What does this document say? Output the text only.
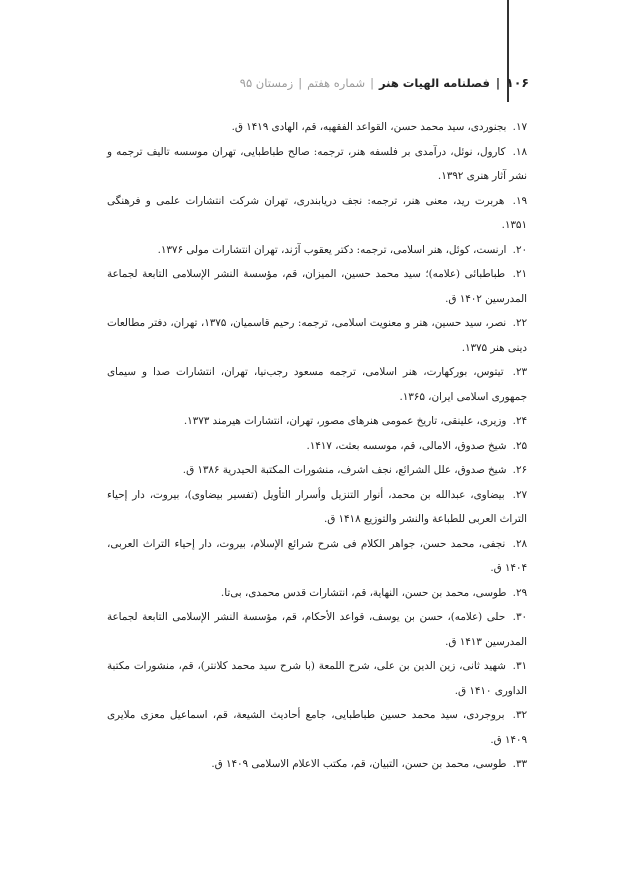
۱۰۶|فصلنامه الهیات هنر|شماره هفتم|زمستان ۹۵

۱۷. بجنوردی، سید محمد حسن، القواعد الفقهیه، قم، الهادی ۱۴۱۹ ق.

۱۸. کارول، نوئل، درآمدی بر فلسفه هنر، ترجمه: صالح طباطبایی، تهران موسسه تالیف ترجمه و نشر آثار هنری ۱۳۹۲.

۱۹. هربرت رید، معنی هنر، ترجمه: نجف دریابندری، تهران شرکت انتشارات علمی و فرهنگی ۱۳۵۱.

۲۰. ارنست، کوئل، هنر اسلامی، ترجمه: دکتر یعقوب آژند، تهران انتشارات مولی ۱۳۷۶.

۲۱. طباطبائی (علامه)؛ سید محمد حسین، المیزان، قم، مؤسسة النشر الإسلامی التابعة لجماعة المدرسین ۱۴۰۲ ق.

۲۲. نصر، سید حسین، هنر و معنویت اسلامی، ترجمه: رحیم قاسمیان، ۱۳۷۵، تهران، دفتر مطالعات دینی هنر ۱۳۷۵.

۲۳. تیتوس، بورکهارت، هنر اسلامی، ترجمه مسعود رجب‌نیا، تهران، انتشارات صدا و سیمای جمهوری اسلامی ایران، ۱۳۶۵.

۲۴. وزیری، علینقی، تاریخ عمومی هنرهای مصور، تهران، انتشارات هیرمند ۱۳۷۳.

۲۵. شیخ صدوق، الامالی، قم، موسسه بعثت، ۱۴۱۷.

۲۶. شیخ صدوق، علل الشرائع، نجف اشرف، منشورات المکتبة الحیدریة ۱۳۸۶ ق.

۲۷. بیضاوی، عبدالله بن محمد، أنوار التنزیل وأسرار التأویل (تفسیر بیضاوی)، بیروت، دار إحیاء التراث العربی للطباعة والنشر والتوزیع ۱۴۱۸ ق.

۲۸. نجفی، محمد حسن، جواهر الکلام فی شرح شرائع الإسلام، بیروت، دار إحیاء التراث العربی، ۱۴۰۴ ق.

۲۹. طوسی، محمد بن حسن، النهایة، قم، انتشارات قدس محمدی، بی‌تا.

۳۰. حلی (علامه)، حسن بن یوسف، قواعد الأحکام، قم، مؤسسة النشر الإسلامی التابعة لجماعة المدرسین ۱۴۱۳ ق.

۳۱. شهید ثانی، زین الدین بن علی، شرح اللمعة (با شرح سید محمد کلانتر)، قم، منشورات مکتبة الداوری ۱۴۱۰ ق.

۳۲. بروجردی، سید محمد حسین طباطبایی، جامع أحادیث الشیعة، قم، اسماعیل معزی ملایری ۱۴۰۹ ق.

۳۳. طوسی، محمد بن حسن، التبیان، قم، مکتب الاعلام الاسلامی ۱۴۰۹ ق.
